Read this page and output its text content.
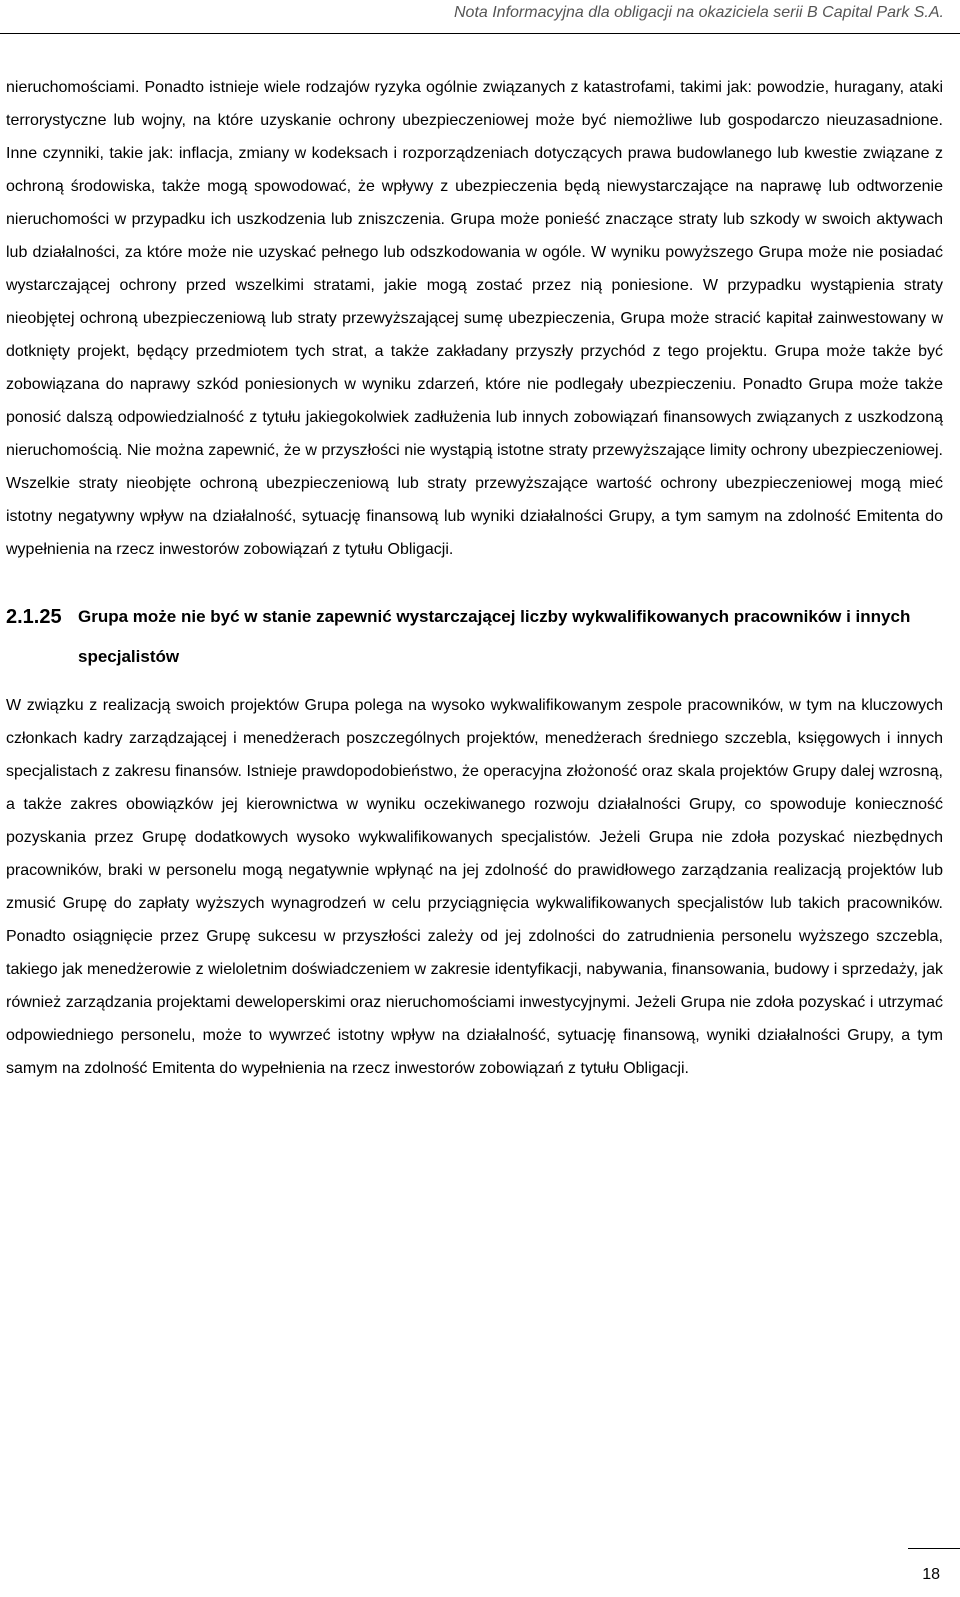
Nota Informacyjna dla obligacji na okaziciela serii B Capital Park S.A.

nieruchomościami. Ponadto istnieje wiele rodzajów ryzyka ogólnie związanych z katastrofami, takimi jak: powodzie, huragany, ataki terrorystyczne lub wojny, na które uzyskanie ochrony ubezpieczeniowej może być niemożliwe lub gospodarczo nieuzasadnione. Inne czynniki, takie jak: inflacja, zmiany w kodeksach i rozporządzeniach dotyczących prawa budowlanego lub kwestie związane z ochroną środowiska, także mogą spowodować, że wpływy z ubezpieczenia będą niewystarczające na naprawę lub odtworzenie nieruchomości w przypadku ich uszkodzenia lub zniszczenia. Grupa może ponieść znaczące straty lub szkody w swoich aktywach lub działalności, za które może nie uzyskać pełnego lub odszkodowania w ogóle. W wyniku powyższego Grupa może nie posiadać wystarczającej ochrony przed wszelkimi stratami, jakie mogą zostać przez nią poniesione. W przypadku wystąpienia straty nieobjętej ochroną ubezpieczeniową lub straty przewyższającej sumę ubezpieczenia, Grupa może stracić kapitał zainwestowany w dotknięty projekt, będący przedmiotem tych strat, a także zakładany przyszły przychód z tego projektu. Grupa może także być zobowiązana do naprawy szkód poniesionych w wyniku zdarzeń, które nie podlegały ubezpieczeniu. Ponadto Grupa może także ponosić dalszą odpowiedzialność z tytułu jakiegokolwiek zadłużenia lub innych zobowiązań finansowych związanych z uszkodzoną nieruchomością. Nie można zapewnić, że w przyszłości nie wystąpią istotne straty przewyższające limity ochrony ubezpieczeniowej. Wszelkie straty nieobjęte ochroną ubezpieczeniową lub straty przewyższające wartość ochrony ubezpieczeniowej mogą mieć istotny negatywny wpływ na działalność, sytuację finansową lub wyniki działalności Grupy, a tym samym na zdolność Emitenta do wypełnienia na rzecz inwestorów zobowiązań z tytułu Obligacji.

2.1.25 Grupa może nie być w stanie zapewnić wystarczającej liczby wykwalifikowanych pracowników i innych specjalistów

W związku z realizacją swoich projektów Grupa polega na wysoko wykwalifikowanym zespole pracowników, w tym na kluczowych członkach kadry zarządzającej i menedżerach poszczególnych projektów, menedżerach średniego szczebla, księgowych i innych specjalistach z zakresu finansów. Istnieje prawdopodobieństwo, że operacyjna złożoność oraz skala projektów Grupy dalej wzrosną, a także zakres obowiązków jej kierownictwa w wyniku oczekiwanego rozwoju działalności Grupy, co spowoduje konieczność pozyskania przez Grupę dodatkowych wysoko wykwalifikowanych specjalistów. Jeżeli Grupa nie zdoła pozyskać niezbędnych pracowników, braki w personelu mogą negatywnie wpłynąć na jej zdolność do prawidłowego zarządzania realizacją projektów lub zmusić Grupę do zapłaty wyższych wynagrodzeń w celu przyciągnięcia wykwalifikowanych specjalistów lub takich pracowników. Ponadto osiągnięcie przez Grupę sukcesu w przyszłości zależy od jej zdolności do zatrudnienia personelu wyższego szczebla, takiego jak menedżerowie z wieloletnim doświadczeniem w zakresie identyfikacji, nabywania, finansowania, budowy i sprzedaży, jak również zarządzania projektami deweloperskimi oraz nieruchomościami inwestycyjnymi. Jeżeli Grupa nie zdoła pozyskać i utrzymać odpowiedniego personelu, może to wywrzeć istotny wpływ na działalność, sytuację finansową, wyniki działalności Grupy, a tym samym na zdolność Emitenta do wypełnienia na rzecz inwestorów zobowiązań z tytułu Obligacji.

18
